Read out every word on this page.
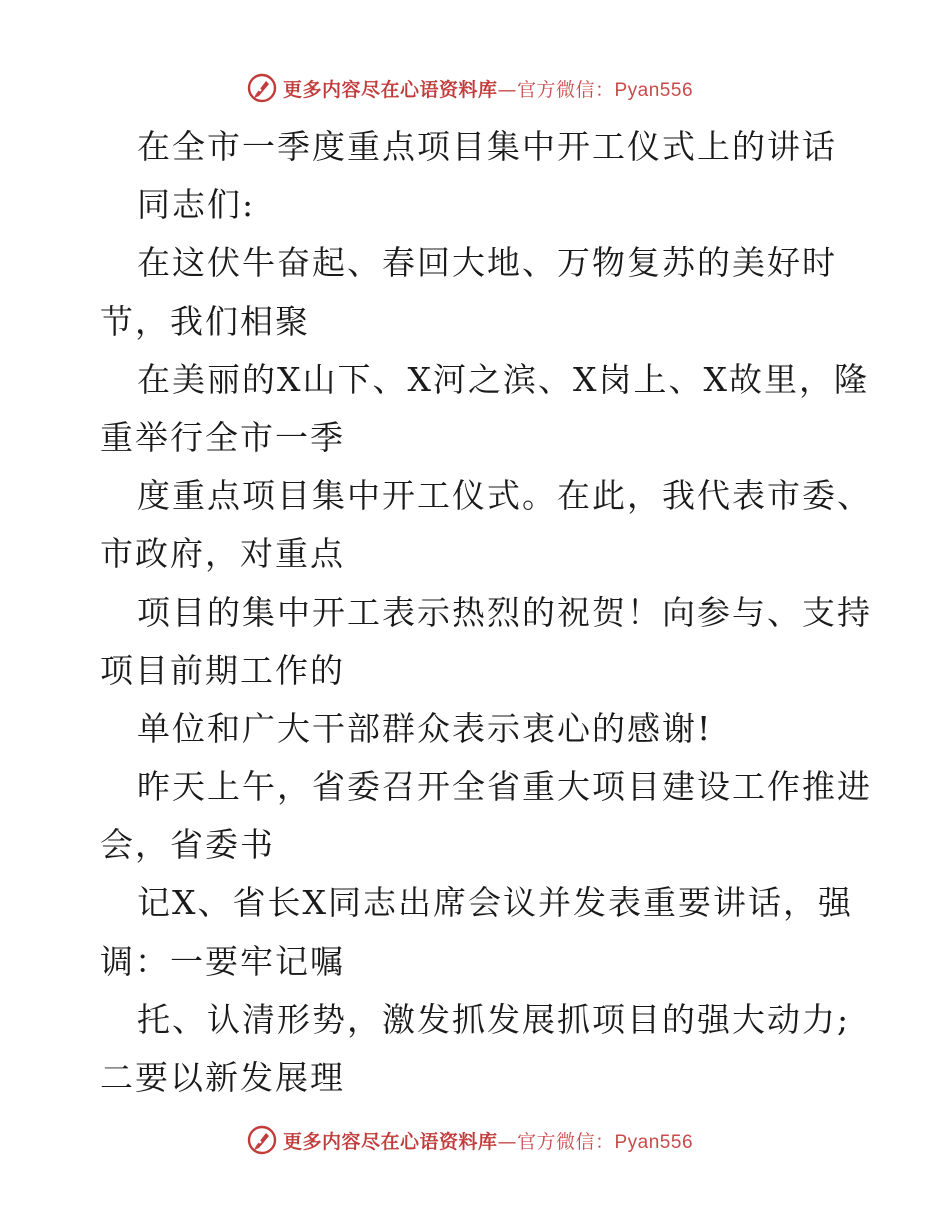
更多内容尽在心语资料库—官方微信：Pyan556
在全市一季度重点项目集中开工仪式上的讲话
同志们:
在这伏牛奋起、春回大地、万物复苏的美好时
节，我们相聚
在美丽的X山下、X河之滨、X岗上、X故里，隆
重举行全市一季
度重点项目集中开工仪式。在此，我代表市委、
市政府，对重点
项目的集中开工表示热烈的祝贺！向参与、支持
项目前期工作的
单位和广大干部群众表示衷心的感谢!
昨天上午，省委召开全省重大项目建设工作推进
会，省委书
记X、省长X同志出席会议并发表重要讲话，强
调：一要牢记嘱
托、认清形势，激发抓发展抓项目的强大动力;
二要以新发展理
更多内容尽在心语资料库—官方微信：Pyan556
